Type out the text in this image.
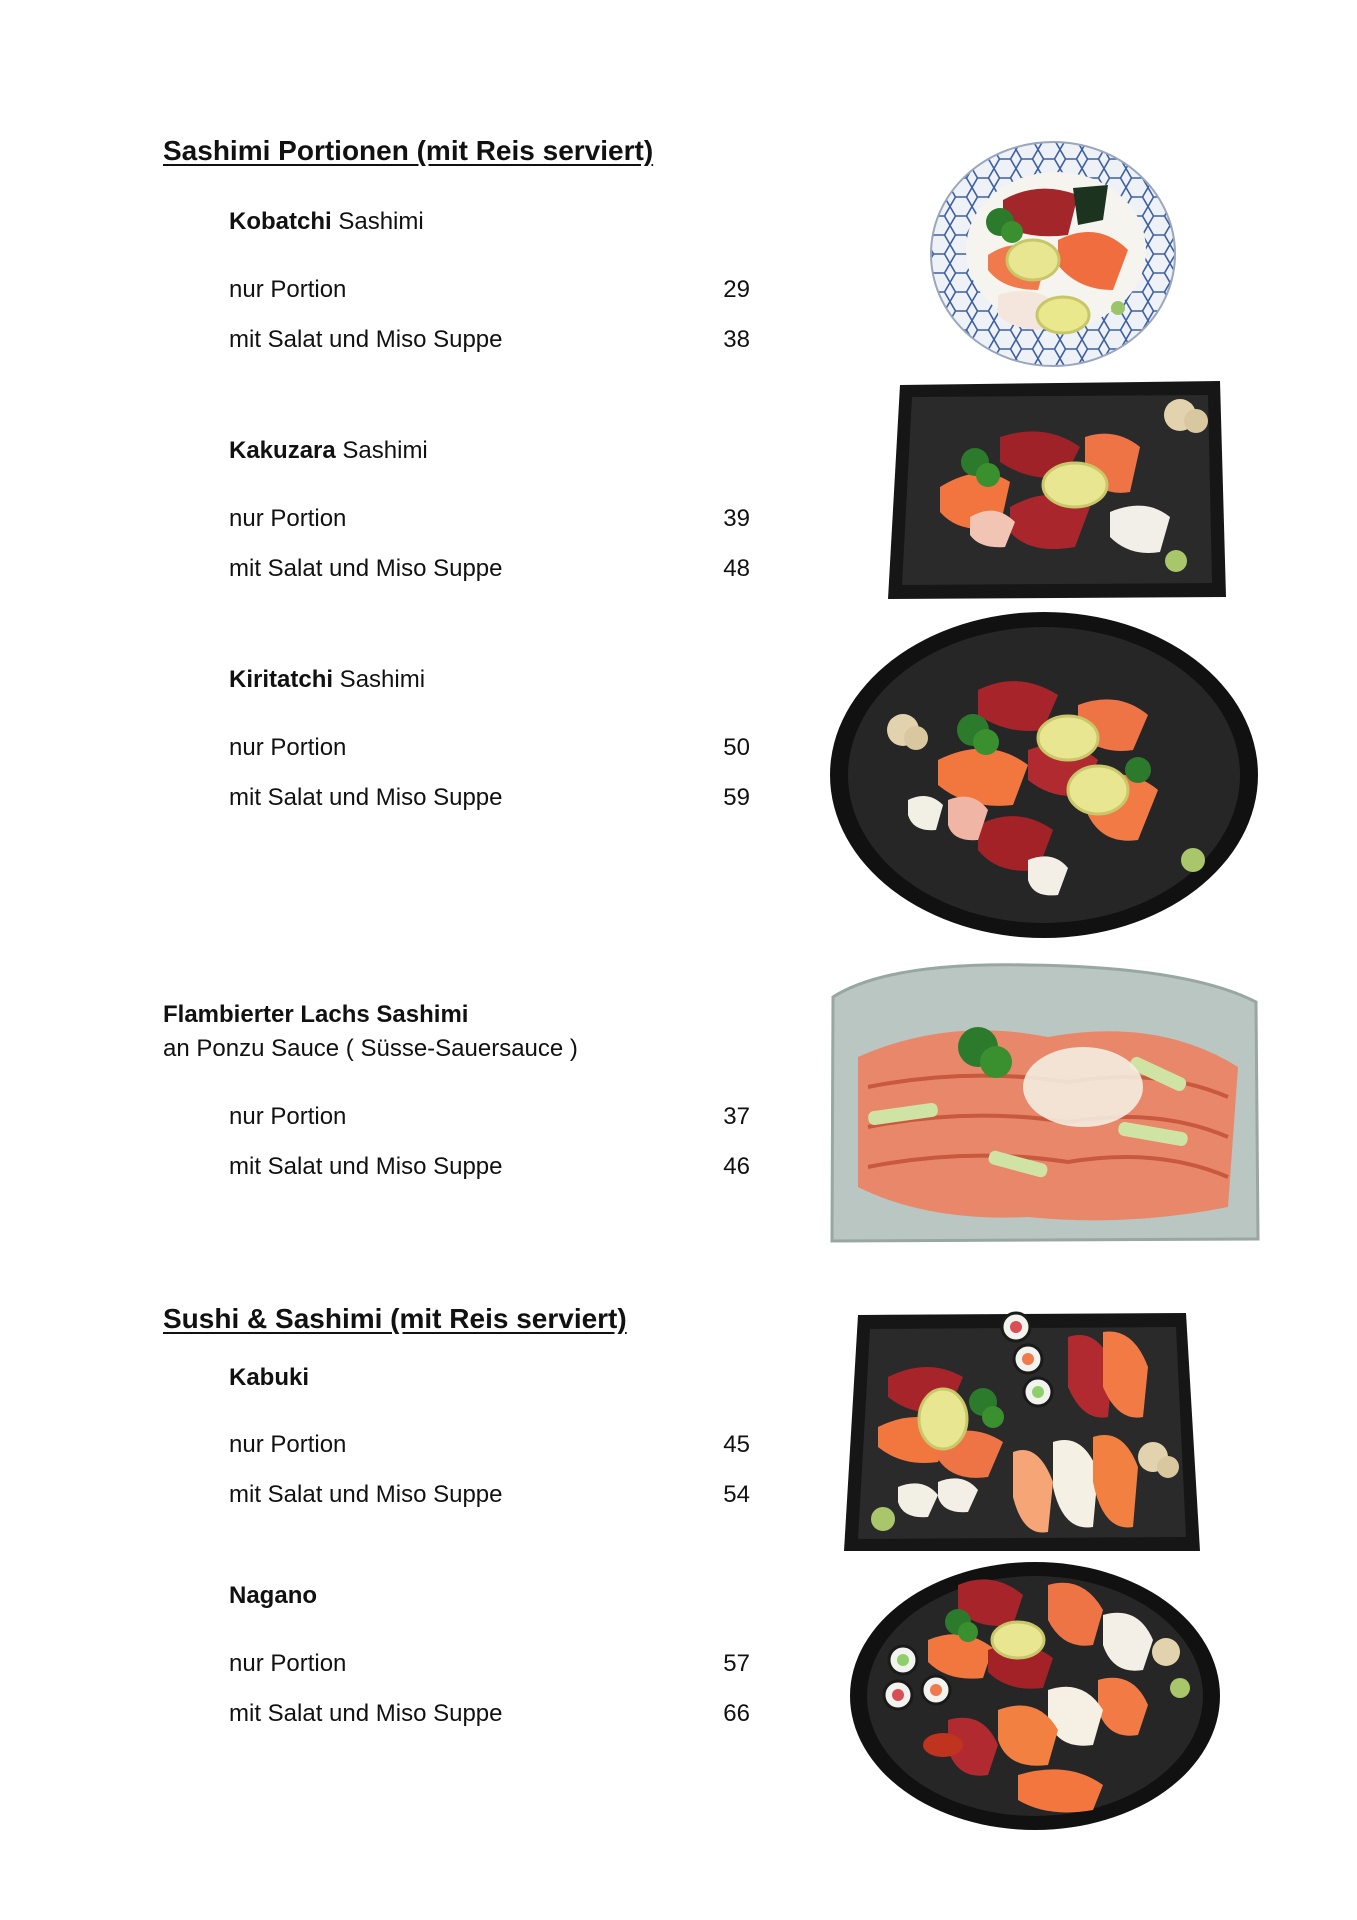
Sashimi Portionen (mit Reis serviert)
Kobatchi Sashimi
nur Portion	29
mit Salat und Miso Suppe	38
Kakuzara Sashimi
nur Portion	39
mit Salat und Miso Suppe	48
Kiritatchi Sashimi
nur Portion	50
mit Salat und Miso Suppe	59
Flambierter Lachs Sashimi
an Ponzu Sauce ( Süsse-Sauersauce )
nur Portion	37
mit Salat und Miso Suppe	46
Sushi & Sashimi (mit Reis serviert)
Kabuki
nur Portion	45
mit Salat und Miso Suppe	54
Nagano
nur Portion	57
mit Salat und Miso Suppe	66
